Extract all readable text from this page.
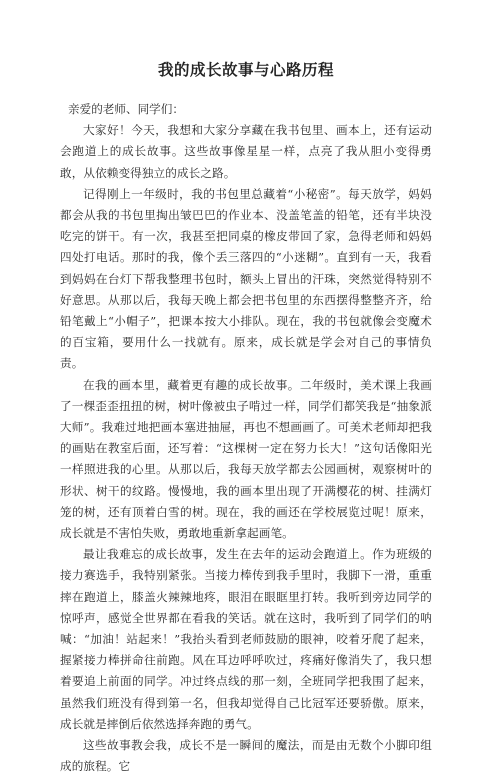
我的成长故事与心路历程

亲爱的老师、同学们：

大家好！今天，我想和大家分享藏在我书包里、画本上，还有运动会跑道上的成长故事。这些故事像星星一样，点亮了我从胆小变得勇敢，从依赖变得独立的成长之路。

记得刚上一年级时，我的书包里总藏着“小秘密”。每天放学，妈妈都会从我的书包里掏出皱巴巴的作业本、没盖笔盖的铅笔，还有半块没吃完的饼干。有一次，我甚至把同桌的橡皮带回了家，急得老师和妈妈四处打电话。那时的我，像个丢三落四的“小迷糊”。直到有一天，我看到妈妈在台灯下帮我整理书包时，额头上冒出的汗珠，突然觉得特别不好意思。从那以后，我每天晚上都会把书包里的东西摆得整整齐齐，给铅笔戴上“小帽子”，把课本按大小排队。现在，我的书包就像会变魔术的百宝箱，要用什么一找就有。原来，成长就是学会对自己的事情负责。

在我的画本里，藏着更有趣的成长故事。二年级时，美术课上我画了一棵歪歪扭扭的树，树叶像被虫子啃过一样，同学们都笑我是“抽象派大师”。我难过地把画本塞进抽屉，再也不想画画了。可美术老师却把我的画贴在教室后面，还写着：“这棵树一定在努力长大！”这句话像阳光一样照进我的心里。从那以后，我每天放学都去公园画树，观察树叶的形状、树干的纹路。慢慢地，我的画本里出现了开满樱花的树、挂满灯笼的树，还有顶着白雪的树。现在，我的画还在学校展览过呢！原来，成长就是不害怕失败，勇敢地重新拿起画笔。

最让我难忘的成长故事，发生在去年的运动会跑道上。作为班级的接力赛选手，我特别紧张。当接力棒传到我手里时，我脚下一滑，重重摔在跑道上，膝盖火辣辣地疼，眼泪在眼眶里打转。我听到旁边同学的惊呼声，感觉全世界都在看我的笑话。就在这时，我听到了同学们的呐喊：“加油！站起来！”我抬头看到老师鼓励的眼神，咬着牙爬了起来，握紧接力棒拼命往前跑。风在耳边呼呼吹过，疼痛好像消失了，我只想着要追上前面的同学。冲过终点线的那一刻，全班同学把我围了起来，虽然我们班没有得到第一名，但我却觉得自己比冠军还要骄傲。原来，成长就是摔倒后依然选择奔跑的勇气。

这些故事教会我，成长不是一瞬间的魔法，而是由无数个小脚印组成的旅程。它
